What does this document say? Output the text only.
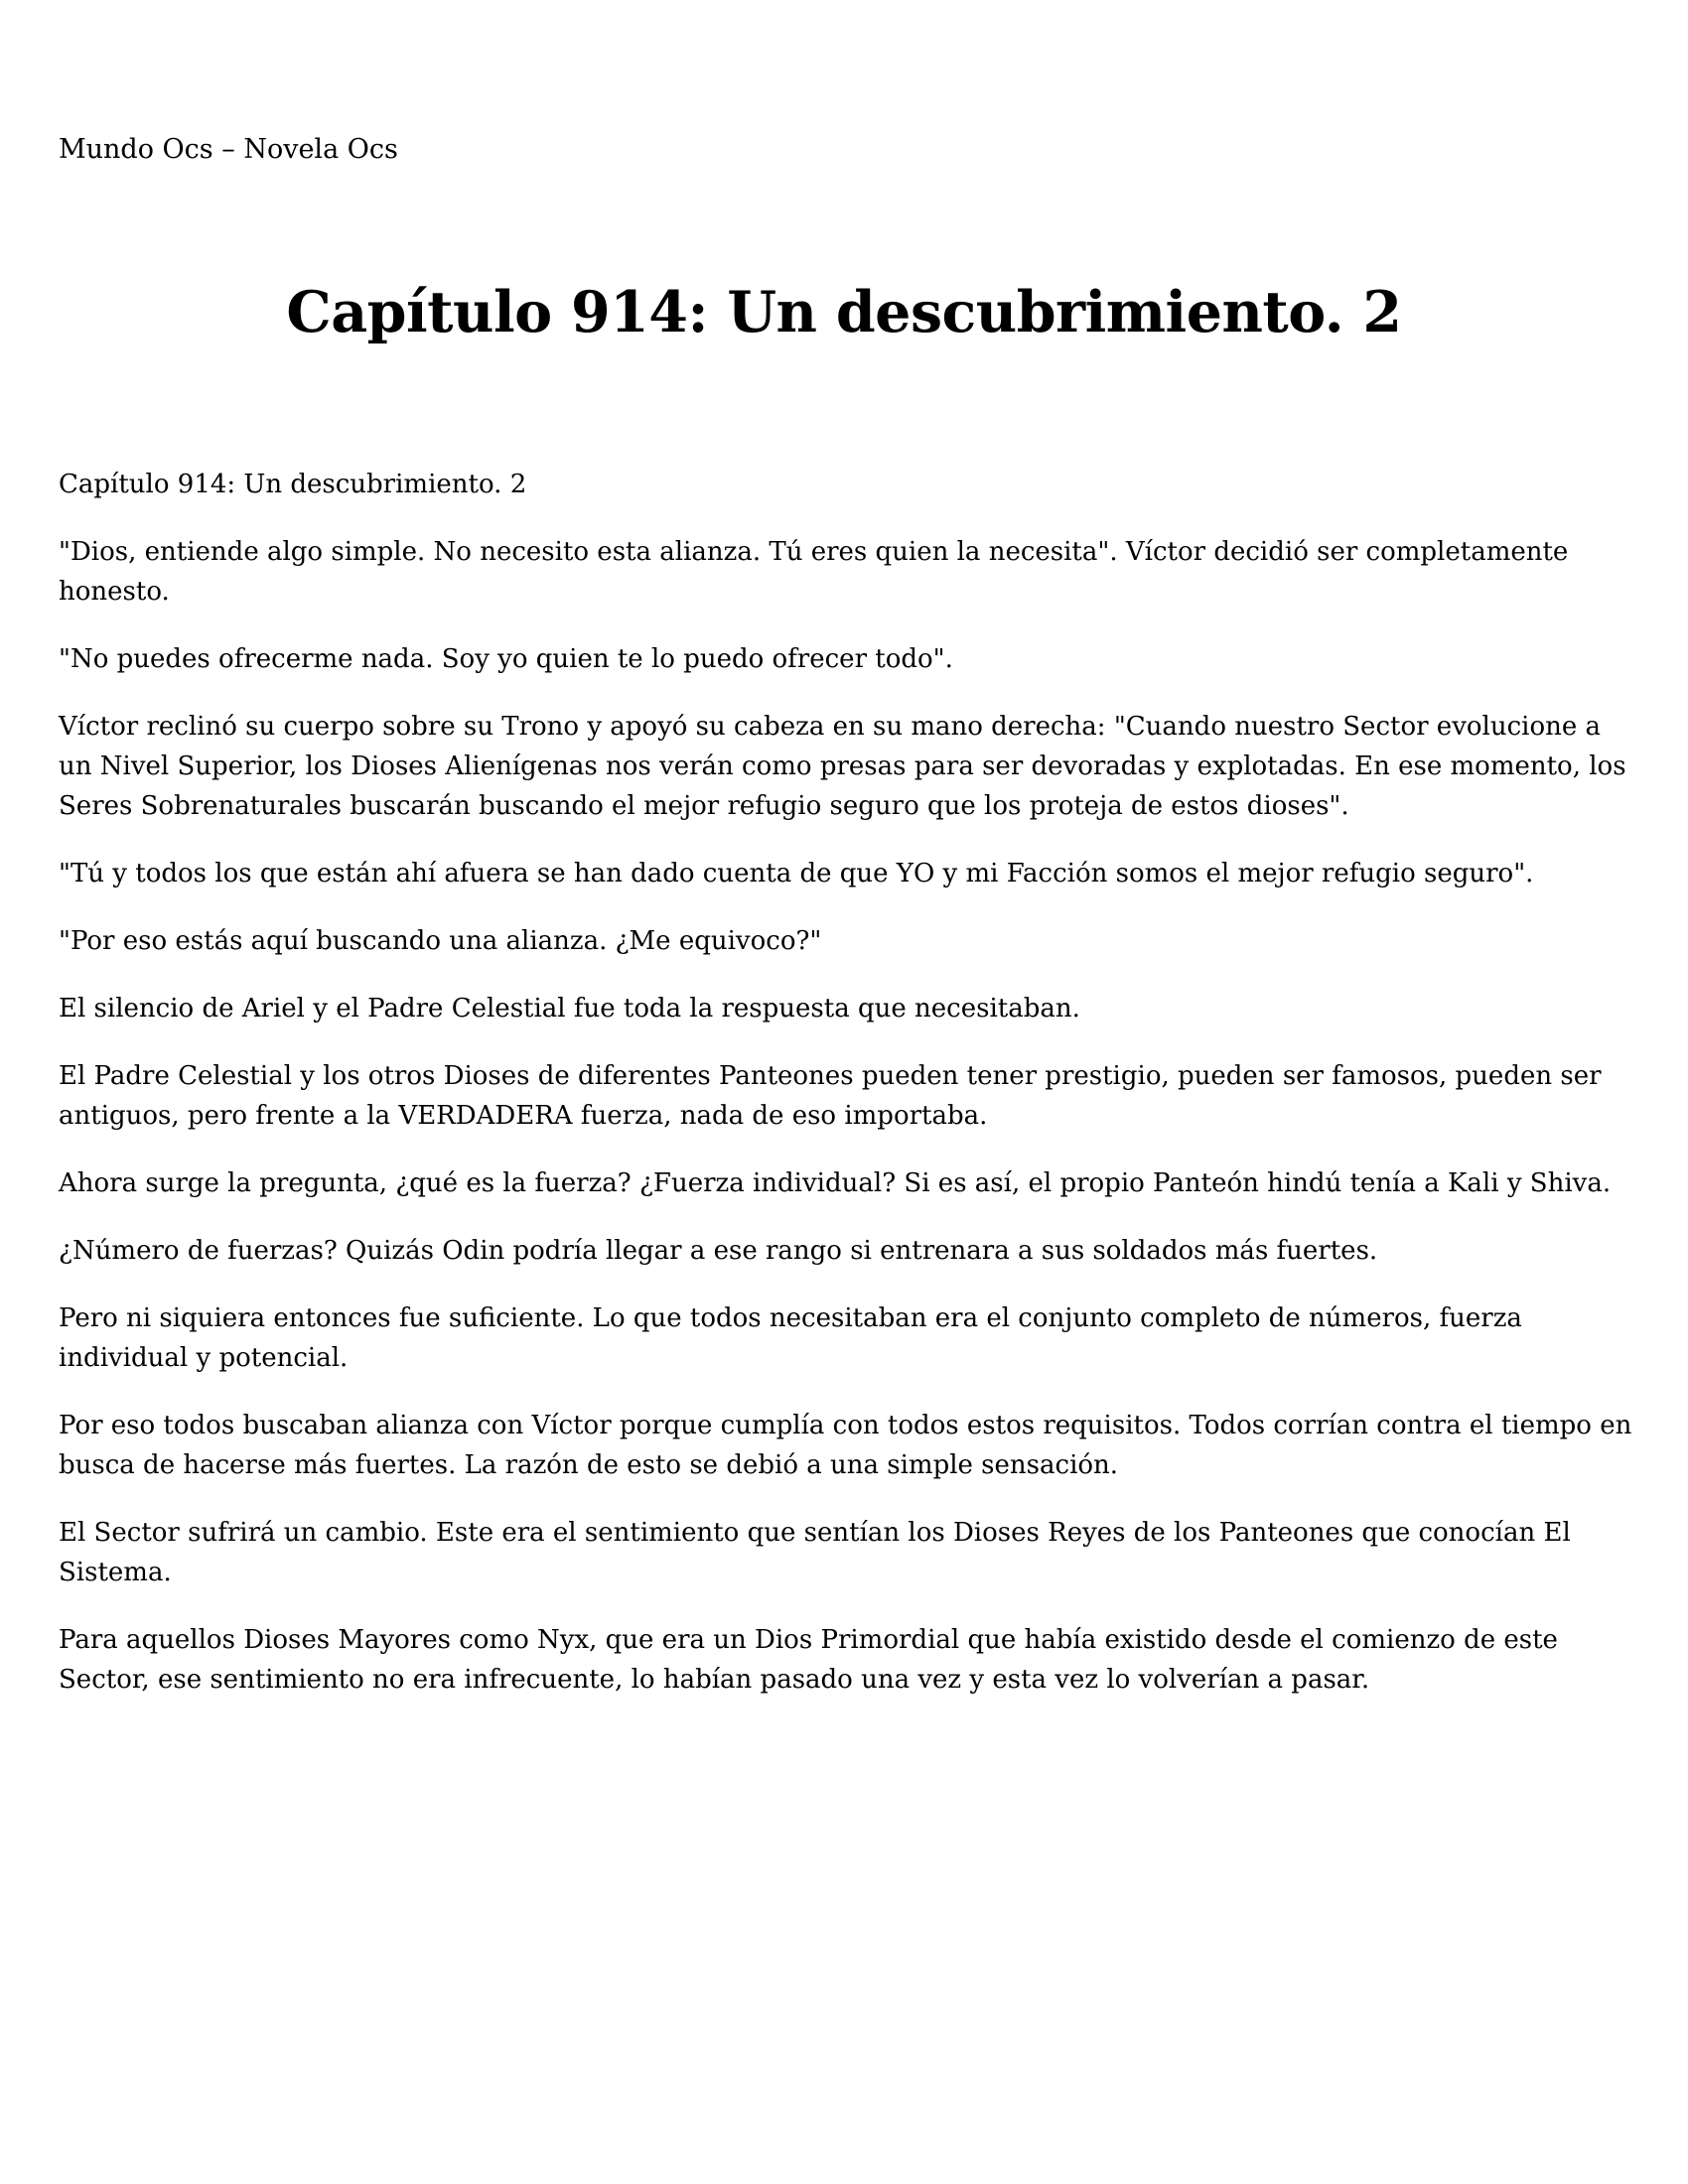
Mundo Ocs – Novela Ocs
Capítulo 914: Un descubrimiento. 2

Capítulo 914: Un descubrimiento. 2

"Dios, entiende algo simple. No necesito esta alianza. Tú eres quien la necesita". Víctor decidió ser completamente honesto.

"No puedes ofrecerme nada. Soy yo quien te lo puedo ofrecer todo".

Víctor reclinó su cuerpo sobre su Trono y apoyó su cabeza en su mano derecha: "Cuando nuestro Sector evolucione a un Nivel Superior, los Dioses Alienígenas nos verán como presas para ser devoradas y explotadas. En ese momento, los Seres Sobrenaturales buscarán buscando el mejor refugio seguro que los proteja de estos dioses".

"Tú y todos los que están ahí afuera se han dado cuenta de que YO y mi Facción somos el mejor refugio seguro".

"Por eso estás aquí buscando una alianza. ¿Me equivoco?"

El silencio de Ariel y el Padre Celestial fue toda la respuesta que necesitaban.

El Padre Celestial y los otros Dioses de diferentes Panteones pueden tener prestigio, pueden ser famosos, pueden ser antiguos, pero frente a la VERDADERA fuerza, nada de eso importaba.

Ahora surge la pregunta, ¿qué es la fuerza? ¿Fuerza individual? Si es así, el propio Panteón hindú tenía a Kali y Shiva.

¿Número de fuerzas? Quizás Odin podría llegar a ese rango si entrenara a sus soldados más fuertes.

Pero ni siquiera entonces fue suficiente. Lo que todos necesitaban era el conjunto completo de números, fuerza individual y potencial.

Por eso todos buscaban alianza con Víctor porque cumplía con todos estos requisitos. Todos corrían contra el tiempo en busca de hacerse más fuertes. La razón de esto se debió a una simple sensación.

El Sector sufrirá un cambio. Este era el sentimiento que sentían los Dioses Reyes de los Panteones que conocían El Sistema.

Para aquellos Dioses Mayores como Nyx, que era un Dios Primordial que había existido desde el comienzo de este Sector, ese sentimiento no era infrecuente, lo habían pasado una vez y esta vez lo volverían a pasar.
